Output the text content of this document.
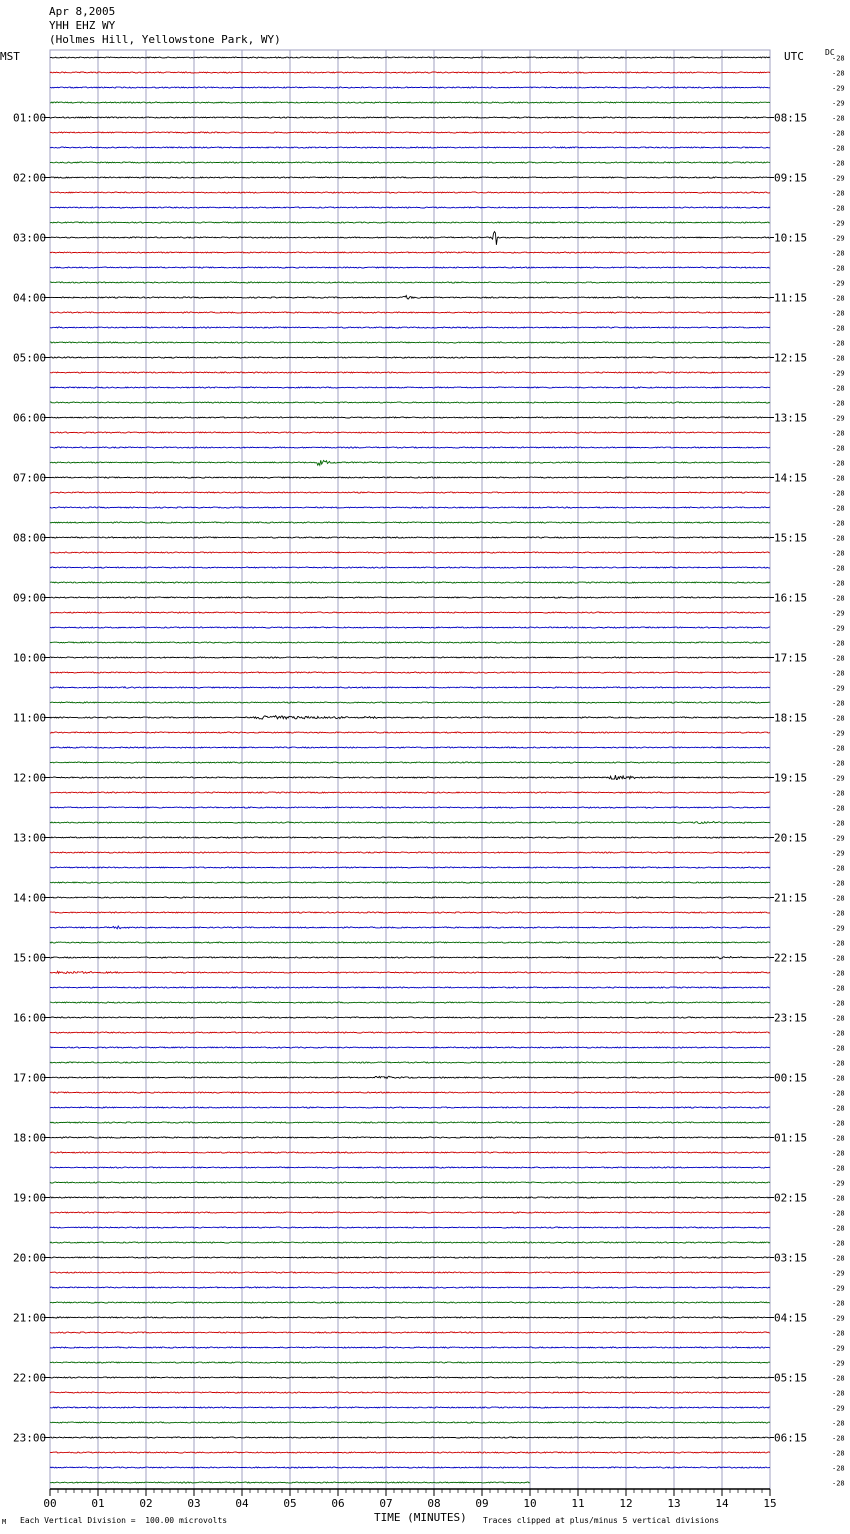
Apr 8,2005
YHH EHZ WY
(Holmes Hill, Yellowstone Park, WY)
MST	UTC	DC
00	01	02	03	04	05	06	07	08	09	10	11	12	13	14	15
-28
-28
-29
-29
-28
01:00	08:15
-28
-28
-28
-29
02:00	09:15
-28
-28
-29
-29
03:00	10:15
-28
-28
-29
-28
04:00	11:15
-28
-28
-28
-28
05:00	12:15
-29
-28
-28
-29
06:00	13:15
-28
-28
-28
-28
07:00	14:15
-28
-28
-28
-28
08:00	15:15
-28
-28
-28
-28
09:00	16:15
-29
-29
-28
-28
10:00	17:15
-28
-29
-28
-28
11:00	18:15
-29
-28
-28
-29
12:00	19:15
-28
-28
-28
-29
13:00	20:15
-29
-28
-28
-28
14:00	21:15
-28
-29
-28
-28
15:00	22:15
-28
-28
-28
-28
16:00	23:15
-28
-28
-28
-28
17:00	00:15
-28
-28
-28
-28
18:00	01:15
-28
-28
-29
-28
19:00	02:15
-28
-28
-28
-28
20:00	03:15
-29
-29
-28
-29
21:00	04:15
-28
-29
-29
-28
22:00	05:15
-28
-29
-28
-28
23:00	06:15
-28
-28
-28
M Each Vertical Division =  100.00 microvolts	TIME (MINUTES) Traces clipped at plus/minus 5 vertical divisions
